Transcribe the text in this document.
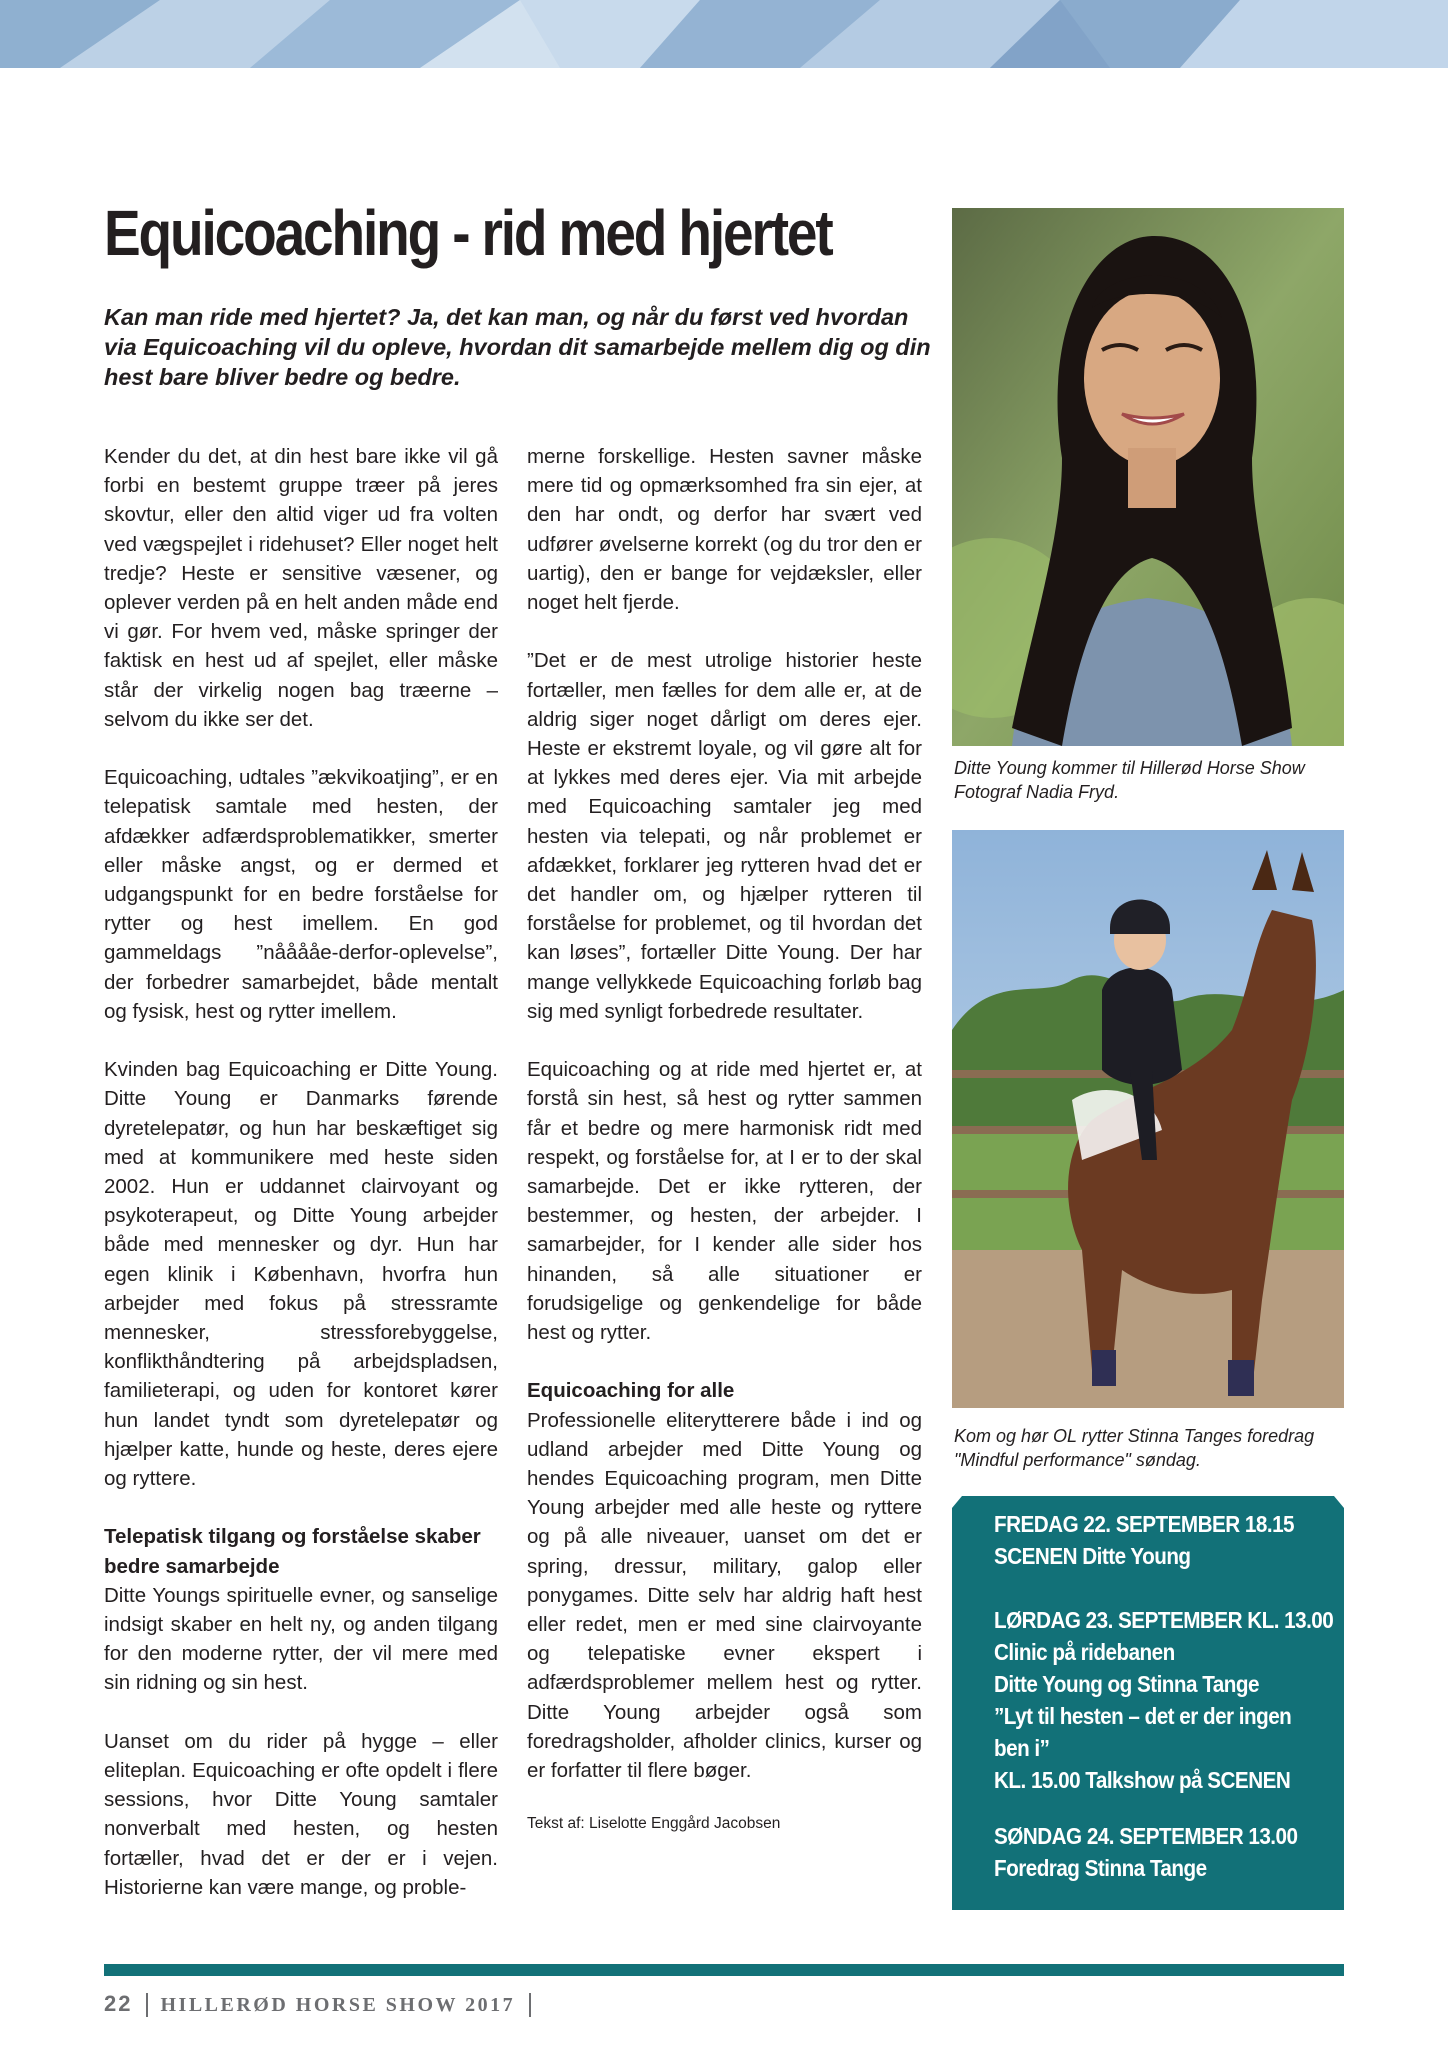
Equicoaching - rid med hjertet

Kan man ride med hjertet? Ja, det kan man, og når du først ved hvordan via Equicoaching vil du opleve, hvordan dit samarbejde mellem dig og din hest bare bliver bedre og bedre.

Kender du det, at din hest bare ikke vil gå forbi en bestemt gruppe træer på jeres skovtur, eller den altid viger ud fra volten ved vægspejlet i ridehuset? Eller noget helt tredje? Heste er sensitive væsener, og oplever verden på en helt anden måde end vi gør. For hvem ved, måske springer der faktisk en hest ud af spejlet, eller måske står der virkelig nogen bag træerne – selvom du ikke ser det.

Equicoaching, udtales ”ækvikoatjing”, er en telepatisk samtale med hesten, der afdækker adfærdsproblematikker, smerter eller måske angst, og er dermed et udgangspunkt for en bedre forståelse for rytter og hest imellem. En god gammeldags ”nååååe-derfor-oplevelse”, der forbedrer samarbejdet, både mentalt og fysisk, hest og rytter imellem.

Kvinden bag Equicoaching er Ditte Young. Ditte Young er Danmarks førende dyretelepatør, og hun har beskæftiget sig med at kommunikere med heste siden 2002. Hun er uddannet clairvoyant og psykoterapeut, og Ditte Young arbejder både med mennesker og dyr. Hun har egen klinik i København, hvorfra hun arbejder med fokus på stressramte mennesker, stressforebyggelse, konflikthåndtering på arbejdspladsen, familieterapi, og uden for kontoret kører hun landet tyndt som dyretelepatør og hjælper katte, hunde og heste, deres ejere og ryttere.

Telepatisk tilgang og forståelse skaber bedre samarbejde

Ditte Youngs spirituelle evner, og sanselige indsigt skaber en helt ny, og anden tilgang for den moderne rytter, der vil mere med sin ridning og sin hest.

Uanset om du rider på hygge – eller eliteplan. Equicoaching er ofte opdelt i flere sessions, hvor Ditte Young samtaler nonverbalt med hesten, og hesten fortæller, hvad det er der er i vejen. Historierne kan være mange, og proble-

merne forskellige. Hesten savner måske mere tid og opmærksomhed fra sin ejer, at den har ondt, og derfor har svært ved udfører øvelserne korrekt (og du tror den er uartig), den er bange for vejdæksler, eller noget helt fjerde.

”Det er de mest utrolige historier heste fortæller, men fælles for dem alle er, at de aldrig siger noget dårligt om deres ejer. Heste er ekstremt loyale, og vil gøre alt for at lykkes med deres ejer. Via mit arbejde med Equicoaching samtaler jeg med hesten via telepati, og når problemet er afdækket, forklarer jeg rytteren hvad det er det handler om, og hjælper rytteren til forståelse for problemet, og til hvordan det kan løses”, fortæller Ditte Young. Der har mange vellykkede Equicoaching forløb bag sig med synligt forbedrede resultater.

Equicoaching og at ride med hjertet er, at forstå sin hest, så hest og rytter sammen får et bedre og mere harmonisk ridt med respekt, og forståelse for, at I er to der skal samarbejde. Det er ikke rytteren, der bestemmer, og hesten, der arbejder. I samarbejder, for I kender alle sider hos hinanden, så alle situationer er forudsigelige og genkendelige for både hest og rytter.

Equicoaching for alle

Professionelle eliterytterere både i ind og udland arbejder med Ditte Young og hendes Equicoaching program, men Ditte Young arbejder med alle heste og ryttere og på alle niveauer, uanset om det er spring, dressur, military, galop eller ponygames. Ditte selv har aldrig haft hest eller redet, men er med sine clairvoyante og telepatiske evner ekspert i adfærdsproblemer mellem hest og rytter. Ditte Young arbejder også som foredragsholder, afholder clinics, kurser og er forfatter til flere bøger.

Tekst af: Liselotte Enggård Jacobsen

Ditte Young kommer til Hillerød Horse Show Fotograf Nadia Fryd.

Kom og hør OL rytter Stinna Tanges foredrag "Mindful performance" søndag.

FREDAG 22. SEPTEMBER 18.15
SCENEN Ditte Young
LØRDAG 23. SEPTEMBER KL. 13.00
Clinic på ridebanen
Ditte Young og Stinna Tange
”Lyt til hesten – det er der ingen
ben i”
KL. 15.00 Talkshow på SCENEN
SØNDAG 24. SEPTEMBER 13.00
Foredrag Stinna Tange
22 HILLERØD HORSE SHOW 2017
